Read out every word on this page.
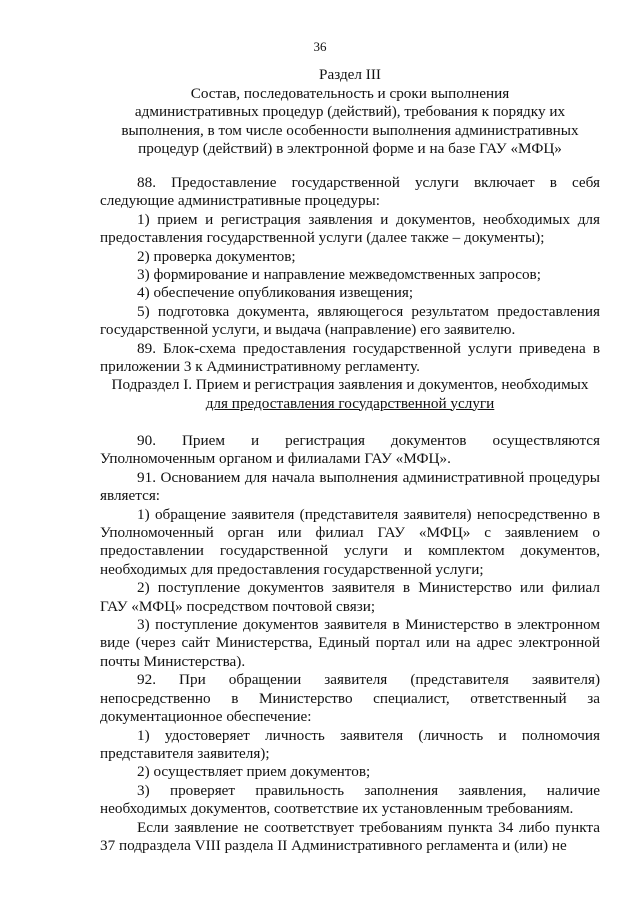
36
Раздел III
Состав, последовательность и сроки выполнения
административных процедур (действий), требования к порядку их
выполнения, в том числе особенности выполнения административных
процедур (действий) в электронной форме и на базе ГАУ «МФЦ»

88. Предоставление государственной услуги включает в себя следующие административные процедуры:

1) прием и регистрация заявления и документов, необходимых для предоставления государственной услуги (далее также – документы);

2) проверка документов;

3) формирование и направление межведомственных запросов;

4) обеспечение опубликования извещения;

5) подготовка документа, являющегося результатом предоставления государственной услуги, и выдача (направление) его заявителю.

89. Блок-схема предоставления государственной услуги приведена в приложении 3 к Административному регламенту.

Подраздел I. Прием и регистрация заявления и документов, необходимых
для предоставления государственной услуги

90. Прием и регистрация документов осуществляются Уполномоченным органом и филиалами ГАУ «МФЦ».

91. Основанием для начала выполнения административной процедуры является:

1) обращение заявителя (представителя заявителя) непосредственно в Уполномоченный орган или филиал ГАУ «МФЦ» с заявлением о предоставлении государственной услуги и комплектом документов, необходимых для предоставления государственной услуги;

2) поступление документов заявителя в Министерство или филиал ГАУ «МФЦ» посредством почтовой связи;

3) поступление документов заявителя в Министерство в электронном виде (через сайт Министерства, Единый портал или на адрес электронной почты Министерства).

92. При обращении заявителя (представителя заявителя) непосредственно в Министерство специалист, ответственный за документационное обеспечение:

1) удостоверяет личность заявителя (личность и полномочия представителя заявителя);

2) осуществляет прием документов;

3) проверяет правильность заполнения заявления, наличие необходимых документов, соответствие их установленным требованиям.

Если заявление не соответствует требованиям пункта 34 либо пункта 37 подраздела VIII раздела II Административного регламента и (или) не
